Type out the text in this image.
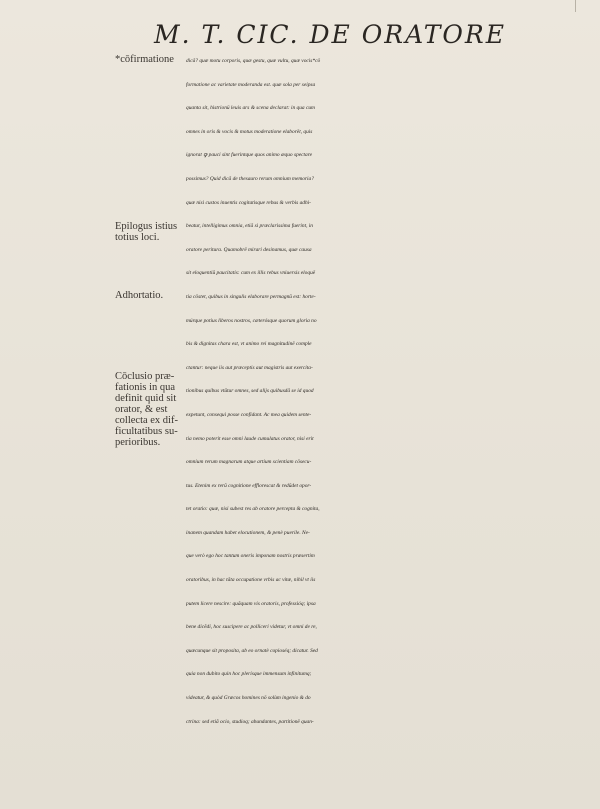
M. T. CIC. DE ORATORE
*cōfirmatione
Epilogus istius
totius loci.
Adhortatio.
Cōclusio præ-
fationis in qua
definit quid sit
orator, & est
collecta ex dif-
ficultatibus su-
perioribus.
dicã? quæ motu corporis, quæ gestu, quæ vultu, quæ vocis*cō
formatione ac varietate moderanda est. quæ sola per seipsa
quanta sit, histrionū leuis ars & scena declarat: in qua cum
omnes in oris & vocis & motus moderatione elaborēt, quis
ignorat ꝙ pauci sint fuerintque quos animo æquo spectare
possimus? Quid dicã de thesauro rerum omnium memoria?
quæ nisi custos inuentis cogitatisque rebus & verbis adhi-
beatur, intelligimus omnia, etiã si præclarissima fuerint, in
oratore peritura. Quamobrē mirari desinamus, quæ causa
sit eloquentiũ paucitatis: cum ex illis rebus vniuersis eloquē
tia cōstet, quibus in singulis elaborare permagnũ est: horte-
múrque potius liberos nostros, cæterósque quorum gloria no
bis & dignitas chara est, vt animo rei magnitudinē comple
ctantur: neque iis aut præceptis aut magistris aut exercita-
tionibus quibus vtũtur omnes, sed alijs quibusdã se id quod
expetunt, consequi posse confidant. Ac mea quidem sente-
tia nemo poterit esse omni laude cumulatus orator, nisi erit
omnium rerum magnarum atque artium scientiam cōsecu-
tus. Etenim ex rerũ cognitione efflorescat & redũdet opor-
tet oratio: quæ, nisi subest res ab oratore percepta & cognita,
inanem quandam habet elocutionem, & penè puerile. Ne-
que verò ego hoc tantum oneris imponam nostris præsertim
oratoribus, in hac tãta occupatione vrbis ac vitæ, nihil vt iis
putem licere nescire: quãquam vis oratoris, professióq; ipsa
bene dicẽdi, hoc suscipere ac polliceri videtur, vt omni de re,
quæcunque sit proposita, ab eo ornatè copioséq; dicatur. Sed
quia non dubito quin hoc plerisque immensum infinitumq;
videatur, & quòd Græcos homines nō solùm ingenio & do
ctrina: sed etiã ocio, studioq; abundantes, partitionē quan-
